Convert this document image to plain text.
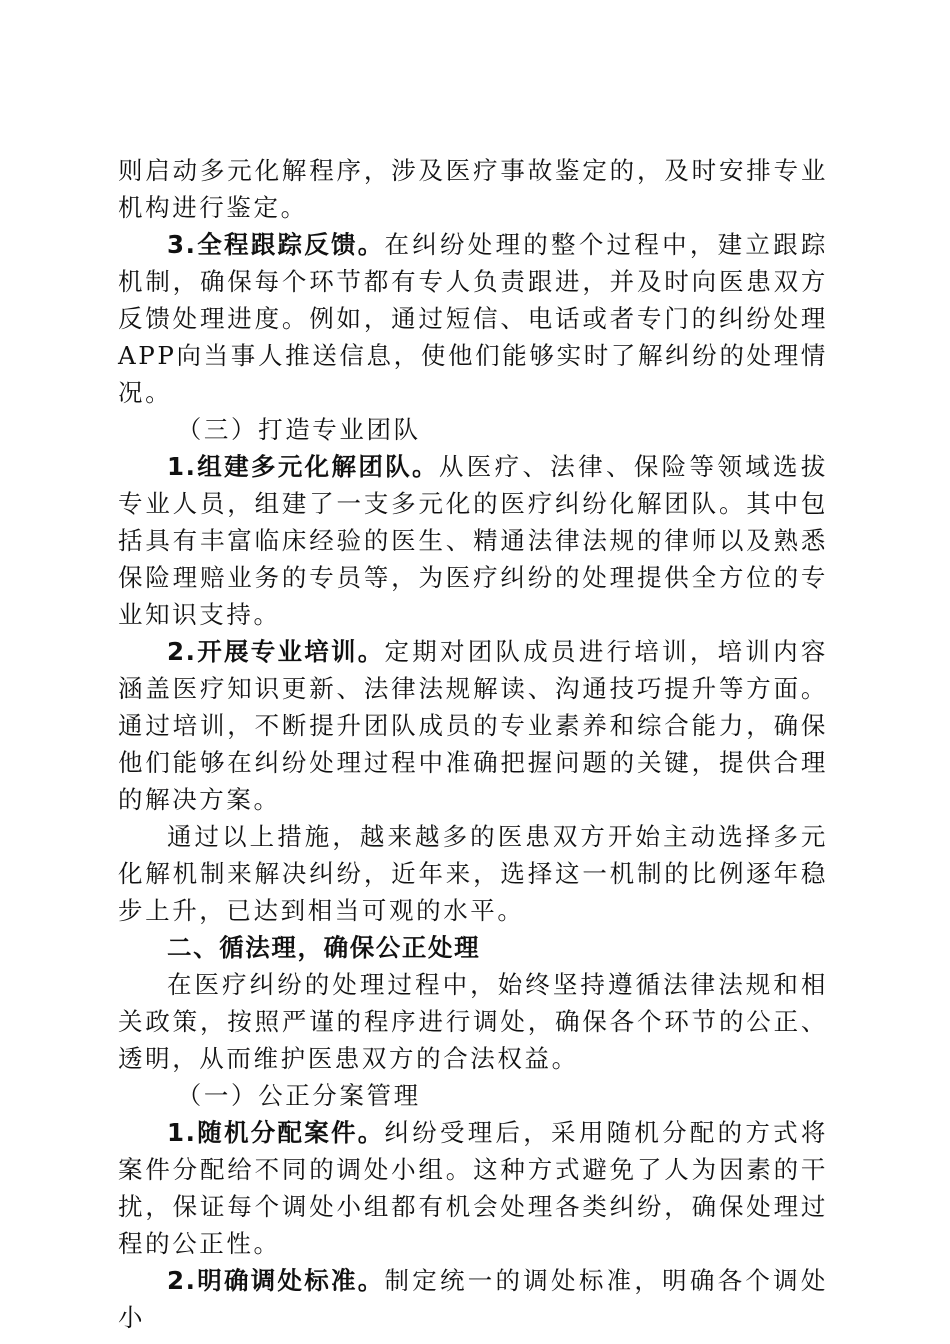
则启动多元化解程序，涉及医疗事故鉴定的，及时安排专业机构进行鉴定。

3.全程跟踪反馈。在纠纷处理的整个过程中，建立跟踪机制，确保每个环节都有专人负责跟进，并及时向医患双方反馈处理进度。例如，通过短信、电话或者专门的纠纷处理APP向当事人推送信息，使他们能够实时了解纠纷的处理情况。

（三）打造专业团队

1.组建多元化解团队。从医疗、法律、保险等领域选拔专业人员，组建了一支多元化的医疗纠纷化解团队。其中包括具有丰富临床经验的医生、精通法律法规的律师以及熟悉保险理赔业务的专员等，为医疗纠纷的处理提供全方位的专业知识支持。

2.开展专业培训。定期对团队成员进行培训，培训内容涵盖医疗知识更新、法律法规解读、沟通技巧提升等方面。通过培训，不断提升团队成员的专业素养和综合能力，确保他们能够在纠纷处理过程中准确把握问题的关键，提供合理的解决方案。

通过以上措施，越来越多的医患双方开始主动选择多元化解机制来解决纠纷，近年来，选择这一机制的比例逐年稳步上升，已达到相当可观的水平。

二、循法理，确保公正处理

在医疗纠纷的处理过程中，始终坚持遵循法律法规和相关政策，按照严谨的程序进行调处，确保各个环节的公正、透明，从而维护医患双方的合法权益。

（一）公正分案管理

1.随机分配案件。纠纷受理后，采用随机分配的方式将案件分配给不同的调处小组。这种方式避免了人为因素的干扰，保证每个调处小组都有机会处理各类纠纷，确保处理过程的公正性。

2.明确调处标准。制定统一的调处标准，明确各个调处小
